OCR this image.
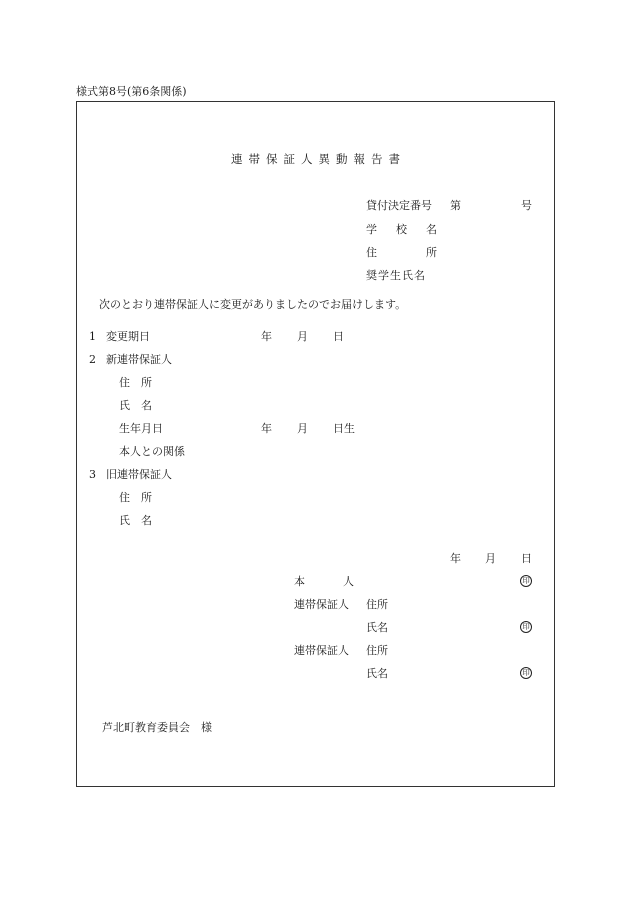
様式第8号(第6条関係)
連帯保証人異動報告書
貸付決定番号 第	号
学 校 名
住	所
奨学生氏名
次のとおり連帯保証人に変更がありましたのでお届けします。
1 変更期日	年 月 日
2 新連帯保証人
住　所
氏　名
生年月日	年 月 日生
本人との関係
3 旧連帯保証人
住　所
氏　名
年 月 日
本	人	印
連帯保証人 住所
氏名	印
連帯保証人 住所
氏名	印
芦北町教育委員会　様
